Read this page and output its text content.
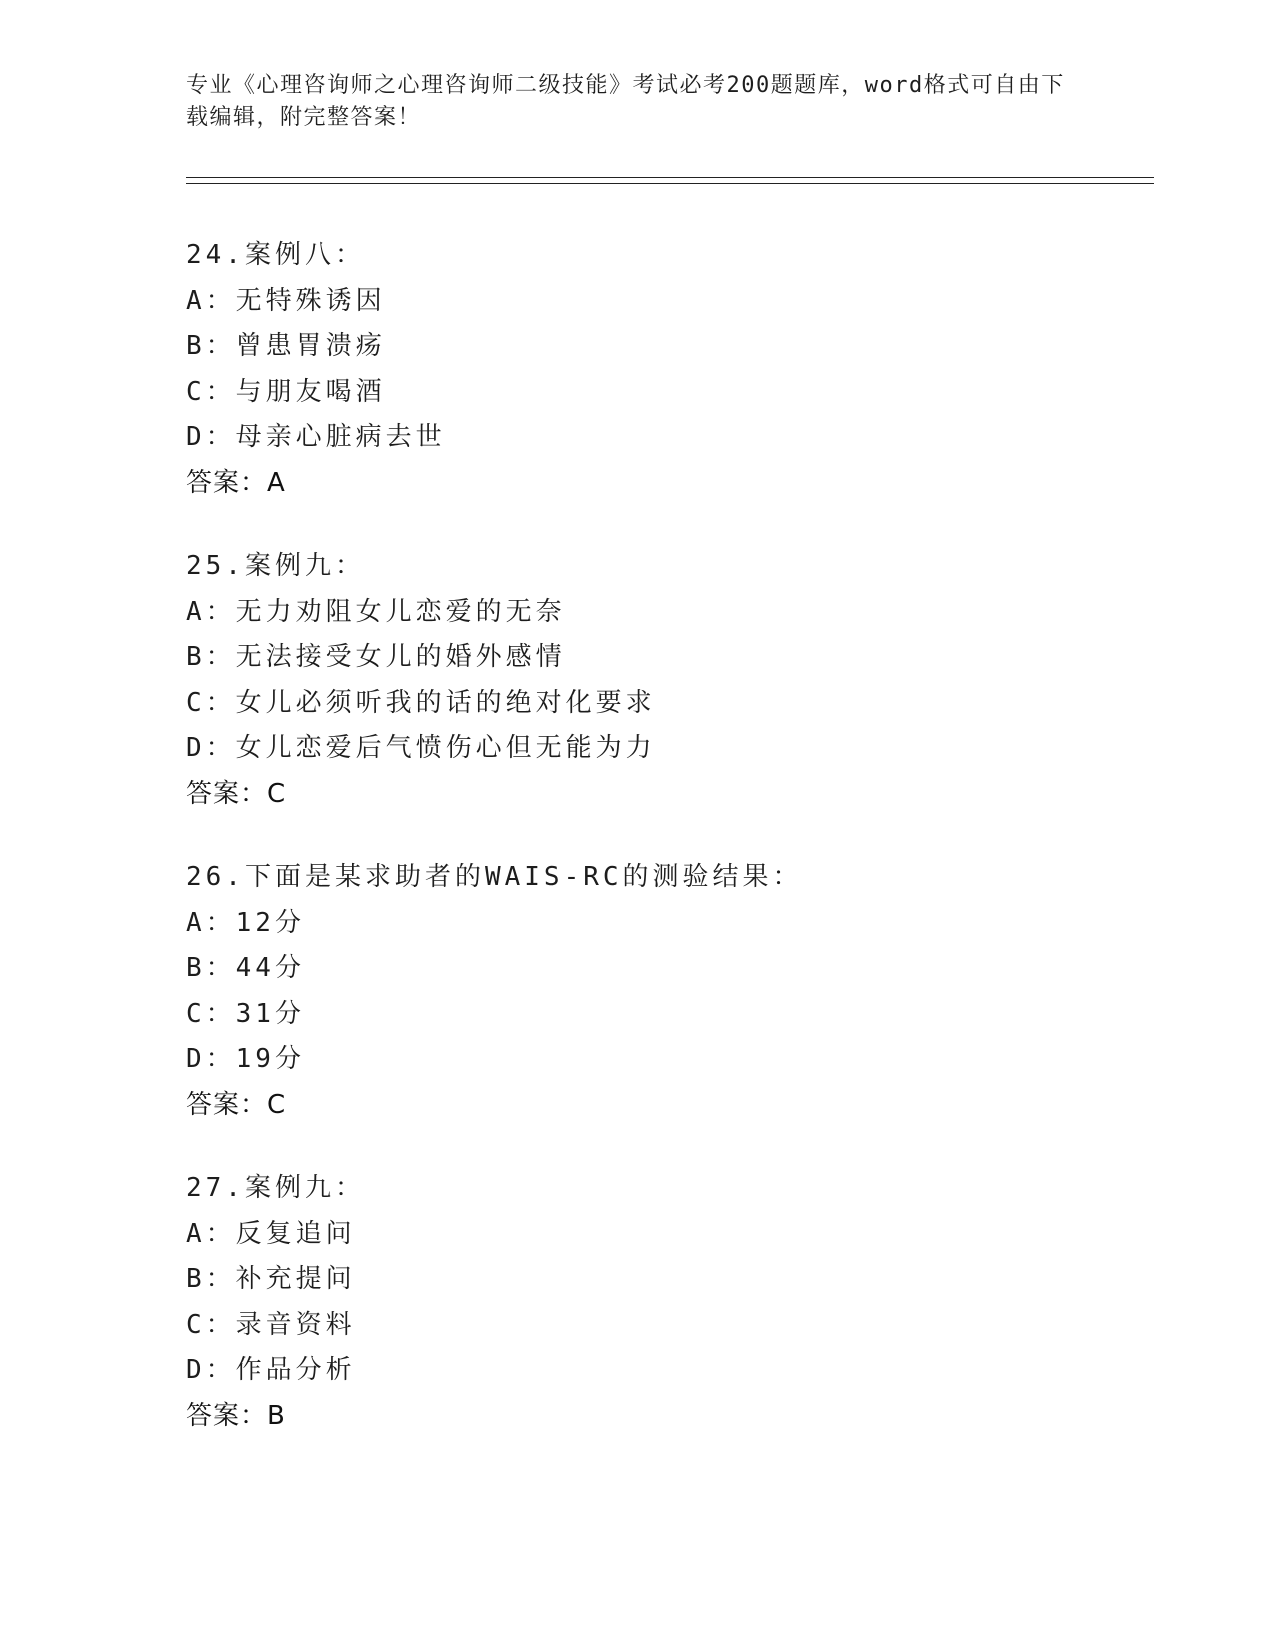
专业《心理咨询师之心理咨询师二级技能》考试必考200题题库，word格式可自由下载编辑，附完整答案！
24.案例八：
A：无特殊诱因
B：曾患胃溃疡
C：与朋友喝酒
D：母亲心脏病去世
答案：A
25.案例九：
A：无力劝阻女儿恋爱的无奈
B：无法接受女儿的婚外感情
C：女儿必须听我的话的绝对化要求
D：女儿恋爱后气愤伤心但无能为力
答案：C
26.下面是某求助者的WAIS-RC的测验结果：
A：12分
B：44分
C：31分
D：19分
答案：C
27.案例九：
A：反复追问
B：补充提问
C：录音资料
D：作品分析
答案：B
